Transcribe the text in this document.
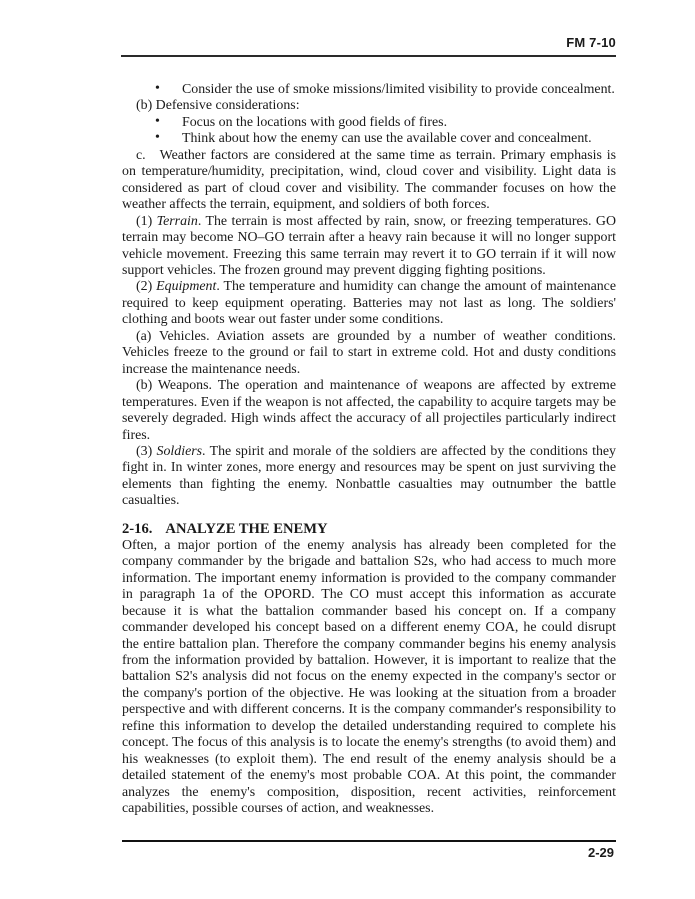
FM 7-10
• Consider the use of smoke missions/limited visibility to provide concealment.
(b) Defensive considerations:
• Focus on the locations with good fields of fires.
• Think about how the enemy can use the available cover and concealment.

c. Weather factors are considered at the same time as terrain. Primary emphasis is on temperature/humidity, precipitation, wind, cloud cover and visibility. Light data is considered as part of cloud cover and visibility. The commander focuses on how the weather affects the terrain, equipment, and soldiers of both forces.

(1) Terrain. The terrain is most affected by rain, snow, or freezing temperatures. GO terrain may become NO–GO terrain after a heavy rain because it will no longer support vehicle movement. Freezing this same terrain may revert it to GO terrain if it will now support vehicles. The frozen ground may prevent digging fighting positions.

(2) Equipment. The temperature and humidity can change the amount of maintenance required to keep equipment operating. Batteries may not last as long. The soldiers' clothing and boots wear out faster under some conditions.

(a) Vehicles. Aviation assets are grounded by a number of weather conditions. Vehicles freeze to the ground or fail to start in extreme cold. Hot and dusty conditions increase the maintenance needs.

(b) Weapons. The operation and maintenance of weapons are affected by extreme temperatures. Even if the weapon is not affected, the capability to acquire targets may be severely degraded. High winds affect the accuracy of all projectiles particularly indirect fires.

(3) Soldiers. The spirit and morale of the soldiers are affected by the conditions they fight in. In winter zones, more energy and resources may be spent on just surviving the elements than fighting the enemy. Nonbattle casualties may outnumber the battle casualties.

2-16. ANALYZE THE ENEMY

Often, a major portion of the enemy analysis has already been completed for the company commander by the brigade and battalion S2s, who had access to much more information. The important enemy information is provided to the company commander in paragraph 1a of the OPORD. The CO must accept this information as accurate because it is what the battalion commander based his concept on. If a company commander developed his concept based on a different enemy COA, he could disrupt the entire battalion plan. Therefore the company commander begins his enemy analysis from the information provided by battalion. However, it is important to realize that the battalion S2's analysis did not focus on the enemy expected in the company's sector or the company's portion of the objective. He was looking at the situation from a broader perspective and with different concerns. It is the company commander's responsibility to refine this information to develop the detailed understanding required to complete his concept. The focus of this analysis is to locate the enemy's strengths (to avoid them) and his weaknesses (to exploit them). The end result of the enemy analysis should be a detailed statement of the enemy's most probable COA. At this point, the commander analyzes the enemy's composition, disposition, recent activities, reinforcement capabilities, possible courses of action, and weaknesses.

2-29
